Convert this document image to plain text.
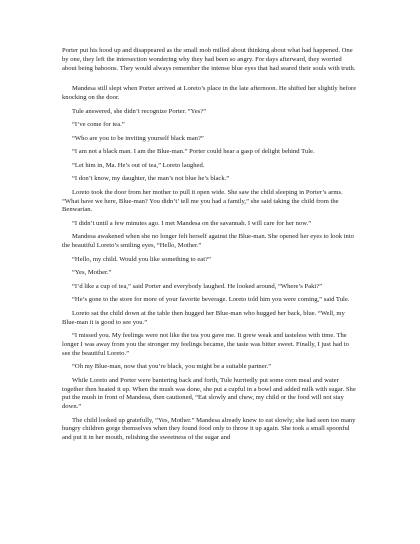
Porter put his hood up and disappeared as the small mob milled about thinking about what had happened. One by one, they left the intersection wondering why they had been so angry. For days afterward, they worried about being baboons. They would always remember the intense blue eyes that had seared their souls with truth.

Mandesa still slept when Porter arrived at Loreto’s place in the late afternoon. He shifted her slightly before knocking on the door.

Tule answered, she didn’t recognize Porter. “Yes?”

“I’ve come for tea.”

“Who are you to be inviting yourself black man?”

“I am not a black man. I am the Blue-man.” Porter could hear a gasp of delight behind Tule.

“Let him in, Ma. He’s out of tea,” Loreto laughed.

“I don’t know, my daughter, the man’s not blue he’s black.”

Loreto took the door from her mother to pull it open wide. She saw the child sleeping in Porter’s arms. “What have we here, Blue-man? You didn’t’ tell me you had a family,” she said taking the child from the Benwarian.

“I didn’t until a few minutes ago. I met Mandesa on the savannah. I will care for her now.”

Mandesa awakened when she no longer felt herself against the Blue-man. She opened her eyes to look into the beautiful Loreto’s smiling eyes, “Hello, Mother.”

“Hello, my child. Would you like something to eat?”

“Yes, Mother.”

“I’d like a cup of tea,” said Porter and everybody laughed. He looked around, “Where’s Paki?”

“He’s gone to the store for more of your favorite beverage. Loreto told him you were coming,” said Tule.

Loreto sat the child down at the table then hugged her Blue-man who hugged her back, blue. “Well, my Blue-man it is good to see you.”

“I missed you. My feelings were not like the tea you gave me. It grew weak and tasteless with time. The longer I was away from you the stronger my feelings became, the taste was bitter sweet. Finally, I just had to see the beautiful Loreto.”

“Oh my Blue-man, now that you’re black, you might be a suitable partner.”

While Loreto and Porter were bantering back and forth, Tule hurriedly put some corn meal and water together then heated it up. When the mush was done, she put a cupful in a bowl and added milk with sugar. She put the mush in front of Mandesa, then cautioned, “Eat slowly and chew, my child or the food will not stay down.”

The child looked up gratefully, “Yes, Mother.” Mandesa already knew to eat slowly; she had seen too many hungry children gorge themselves when they found food only to throw it up again. She took a small spoonful and put it in her mouth, relishing the sweetness of the sugar and
